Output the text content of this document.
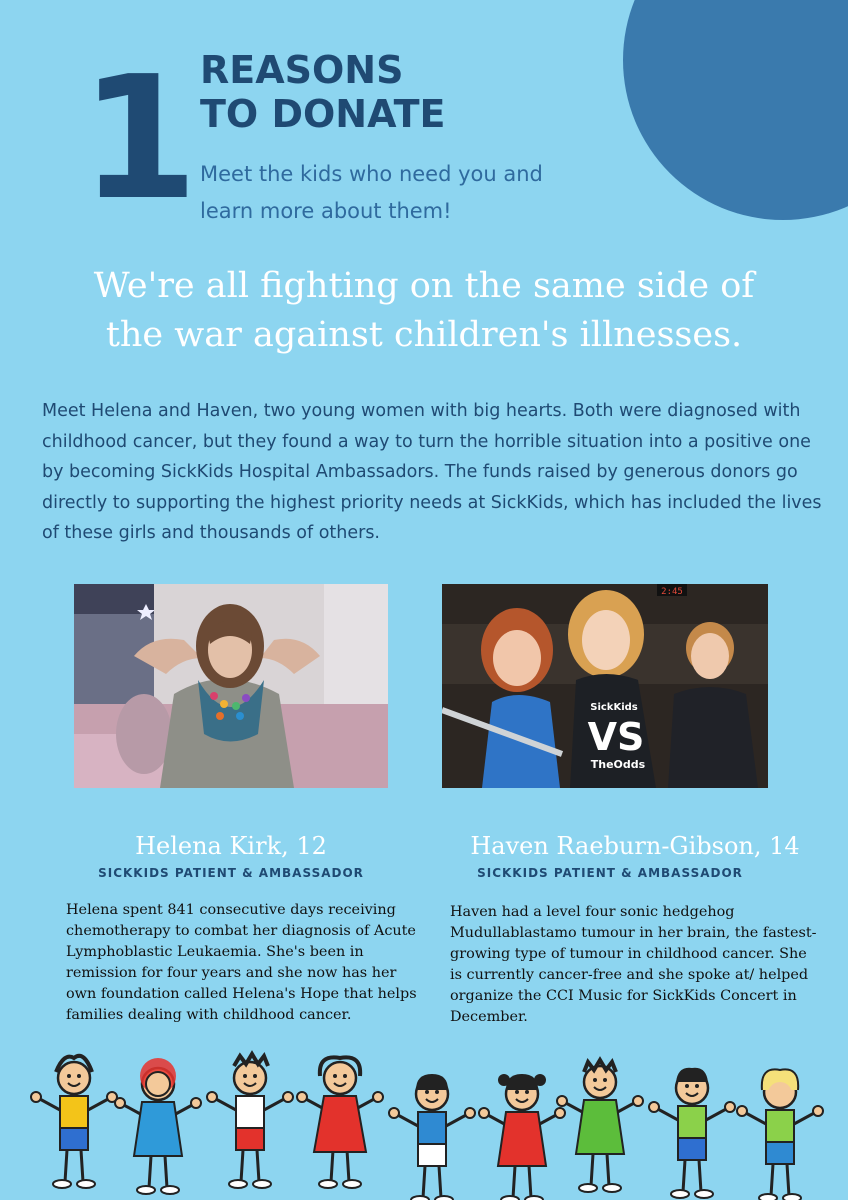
1 REASONS
TO DONATE
Meet the kids who need you and
learn more about them!
We're all fighting on the same side of
the war against children's illnesses.
Meet Helena and Haven, two young women with big hearts. Both were diagnosed with childhood cancer, but they found a way to turn the horrible situation into a positive one by becoming SickKids Hospital Ambassadors. The funds raised by generous donors go directly to supporting the highest priority needs at SickKids, which has included the lives of these girls and thousands of others.
2:45
SickKids
VS
TheOdds
Helena Kirk, 12
SICKKIDS PATIENT & AMBASSADOR
Helena spent 841 consecutive days receiving chemotherapy to combat her diagnosis of Acute Lymphoblastic Leukaemia. She's been in remission for four years and she now has her own foundation called Helena's Hope that helps families dealing with childhood cancer.
Haven Raeburn-Gibson, 14
SICKKIDS PATIENT & AMBASSADOR
Haven had a level four sonic hedgehog Mudullablastamo tumour in her brain, the fastest-growing type of tumour in childhood cancer. She is currently cancer-free and she spoke at/ helped organize the CCI Music for SickKids Concert in December.
